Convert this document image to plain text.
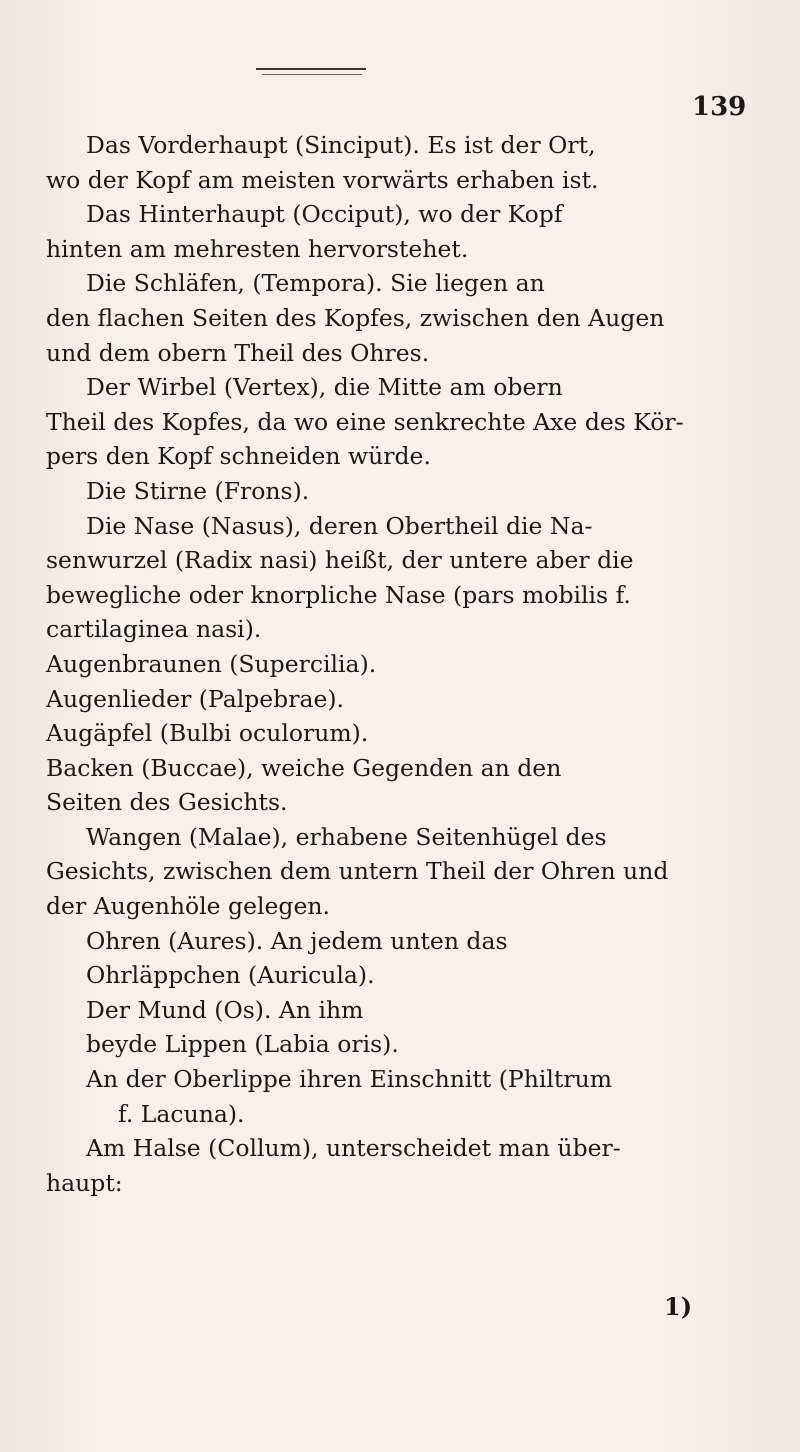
139
Das Vorderhaupt (Sinciput). Es ist der Ort,
wo der Kopf am meisten vorwärts erhaben ist.
Das Hinterhaupt (Occiput), wo der Kopf
hinten am mehresten hervorstehet.
Die Schläfen, (Tempora). Sie liegen an
den flachen Seiten des Kopfes, zwischen den Augen
und dem obern Theil des Ohres.
Der Wirbel (Vertex), die Mitte am obern
Theil des Kopfes, da wo eine senkrechte Axe des Kör-
pers den Kopf schneiden würde.
Die Stirne (Frons).
Die Nase (Nasus), deren Obertheil die Na-
senwurzel (Radix nasi) heißt, der untere aber die
bewegliche oder knorpliche Nase (pars mobilis f.
cartilaginea nasi).
Augenbraunen (Supercilia).
Augenlieder (Palpebrae).
Augäpfel (Bulbi oculorum).
Backen (Buccae), weiche Gegenden an den
Seiten des Gesichts.
Wangen (Malae), erhabene Seitenhügel des
Gesichts, zwischen dem untern Theil der Ohren und
der Augenhöle gelegen.
Ohren (Aures). An jedem unten das
Ohrläppchen (Auricula).
Der Mund (Os). An ihm
beyde Lippen (Labia oris).
An der Oberlippe ihren Einschnitt (Philtrum
f. Lacuna).
Am Halse (Collum), unterscheidet man über-
haupt:
1)
